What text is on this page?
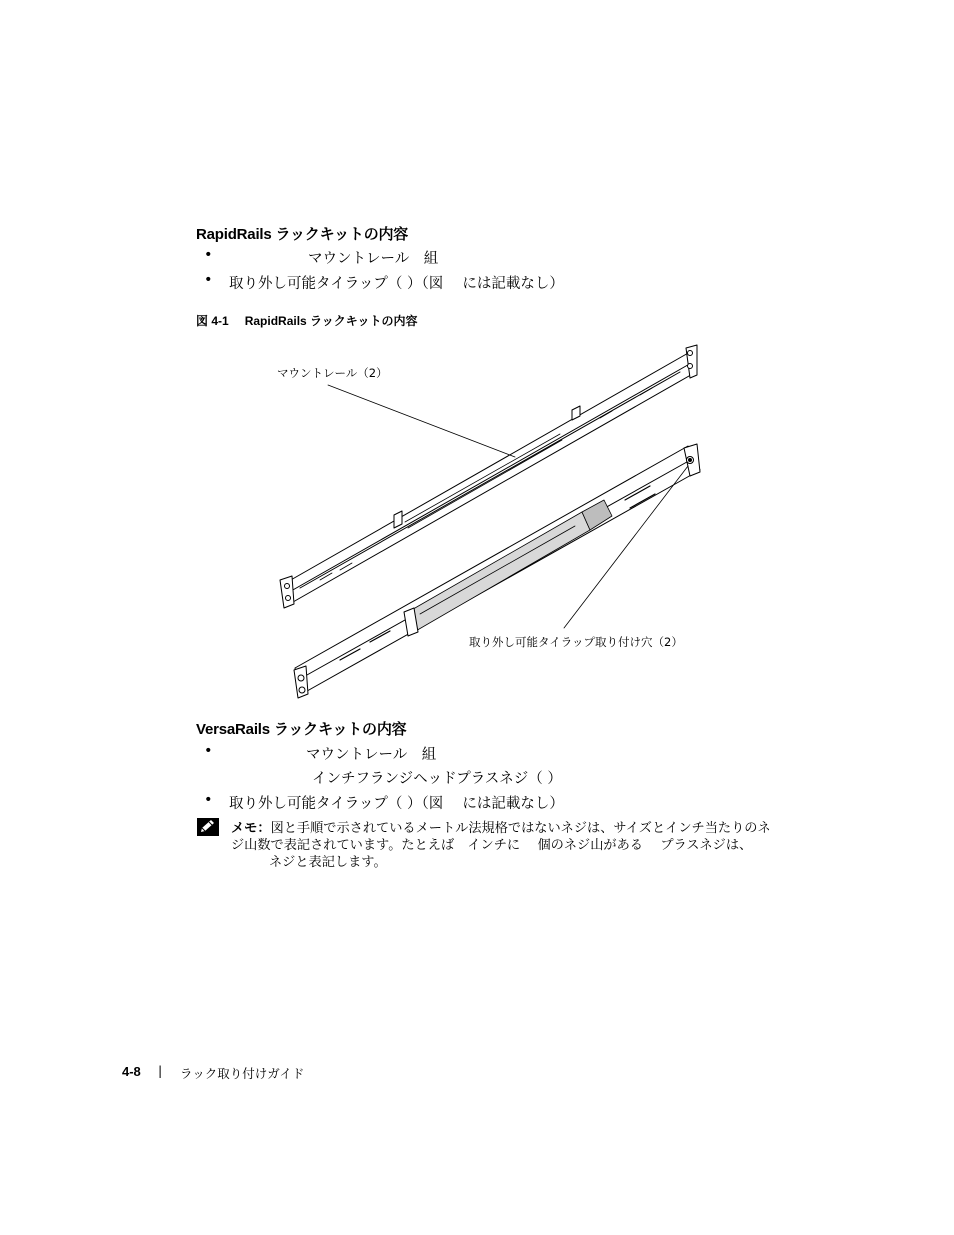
RapidRails ラックキットの内容
•	マウントレール　組
• 取り外し可能タイラップ（ ）（図 　には記載なし）
図 4-1 RapidRails ラックキットの内容
マウントレール（2）
取り外し可能タイラップ取り付け穴（2）
VersaRails ラックキットの内容
•	マウントレール　組
インチフランジヘッドプラスネジ（ ）
• 取り外し可能タイラップ（ ）（図 　には記載なし）
メモ：図と手順で示されているメートル法規格ではないネジは、サイズとインチ当たりのネ
ジ山数で表記されています。たとえば　インチに　 個のネジ山がある　 プラスネジは、
ネジと表記します。
4-8 | ラック取り付けガイド
